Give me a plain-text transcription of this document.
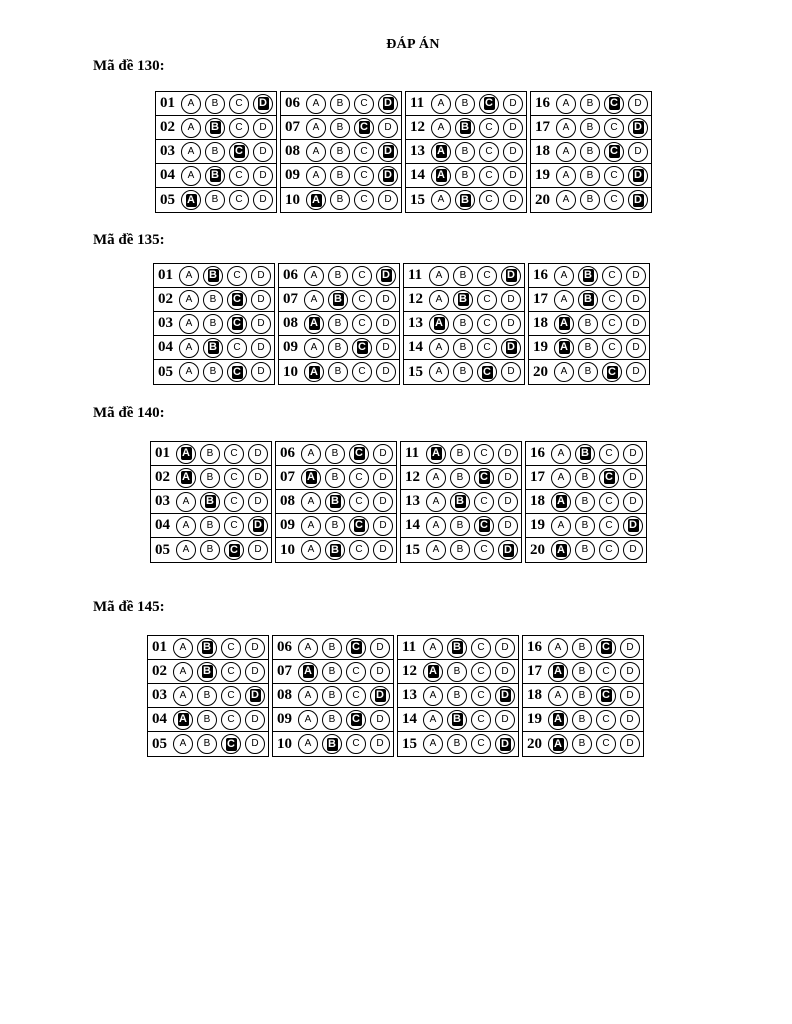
ĐÁP ÁN
Mã đề 130:
01	A B C D
02	A B C D
03	A B C D
04	A B C D
05	A B C D
06	A B C D
07	A B C D
08	A B C D
09	A B C D
10	A B C D
11	A B C D
12	A B C D
13	A B C D
14	A B C D
15	A B C D
16	A B C D
17	A B C D
18	A B C D
19	A B C D
20	A B C D
Mã đề 135:
01	A B C D
02	A B C D
03	A B C D
04	A B C D
05	A B C D
06	A B C D
07	A B C D
08	A B C D
09	A B C D
10	A B C D
11	A B C D
12	A B C D
13	A B C D
14	A B C D
15	A B C D
16	A B C D
17	A B C D
18	A B C D
19	A B C D
20	A B C D
Mã đề 140:
01	A B C D
02	A B C D
03	A B C D
04	A B C D
05	A B C D
06	A B C D
07	A B C D
08	A B C D
09	A B C D
10	A B C D
11	A B C D
12	A B C D
13	A B C D
14	A B C D
15	A B C D
16	A B C D
17	A B C D
18	A B C D
19	A B C D
20	A B C D
Mã đề 145:
01	A B C D
02	A B C D
03	A B C D
04	A B C D
05	A B C D
06	A B C D
07	A B C D
08	A B C D
09	A B C D
10	A B C D
11	A B C D
12	A B C D
13	A B C D
14	A B C D
15	A B C D
16	A B C D
17	A B C D
18	A B C D
19	A B C D
20	A B C D
